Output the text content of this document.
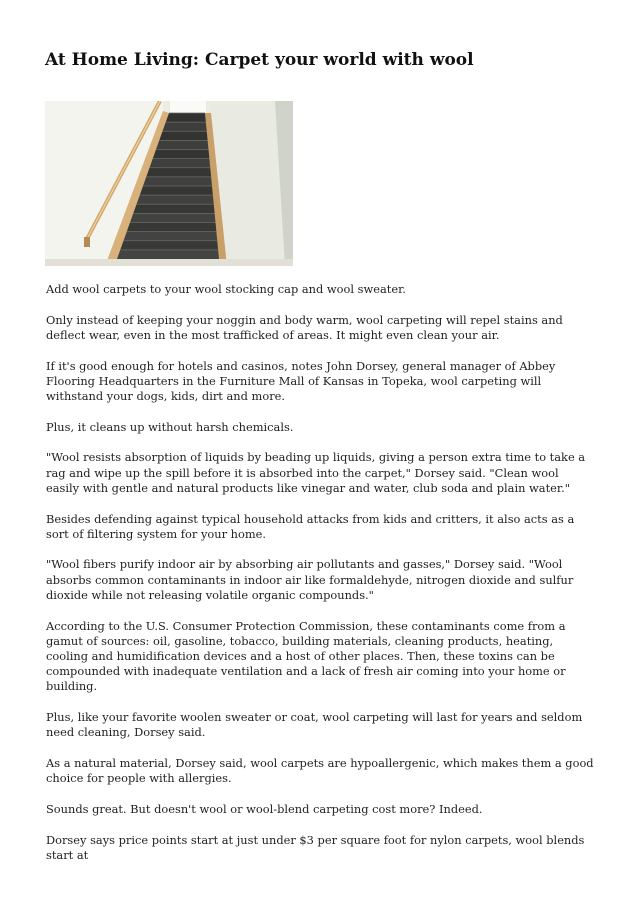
At Home Living: Carpet your world with wool

Add wool carpets to your wool stocking cap and wool sweater.

Only instead of keeping your noggin and body warm, wool carpeting will repel stains and deflect wear, even in the most trafficked of areas. It might even clean your air.

If it's good enough for hotels and casinos, notes John Dorsey, general manager of Abbey Flooring Headquarters in the Furniture Mall of Kansas in Topeka, wool carpeting will withstand your dogs, kids, dirt and more.

Plus, it cleans up without harsh chemicals.

"Wool resists absorption of liquids by beading up liquids, giving a person extra time to take a rag and wipe up the spill before it is absorbed into the carpet," Dorsey said. "Clean wool easily with gentle and natural products like vinegar and water, club soda and plain water."

Besides defending against typical household attacks from kids and critters, it also acts as a sort of filtering system for your home.

"Wool fibers purify indoor air by absorbing air pollutants and gasses," Dorsey said. "Wool absorbs common contaminants in indoor air like formaldehyde, nitrogen dioxide and sulfur dioxide while not releasing volatile organic compounds."

According to the U.S. Consumer Protection Commission, these contaminants come from a gamut of sources: oil, gasoline, tobacco, building materials, cleaning products, heating, cooling and humidification devices and a host of other places. Then, these toxins can be compounded with inadequate ventilation and a lack of fresh air coming into your home or building.

Plus, like your favorite woolen sweater or coat, wool carpeting will last for years and seldom need cleaning, Dorsey said.

As a natural material, Dorsey said, wool carpets are hypoallergenic, which makes them a good choice for people with allergies.

Sounds great. But doesn't wool or wool-blend carpeting cost more? Indeed.

Dorsey says price points start at just under $3 per square foot for nylon carpets, wool blends start at
